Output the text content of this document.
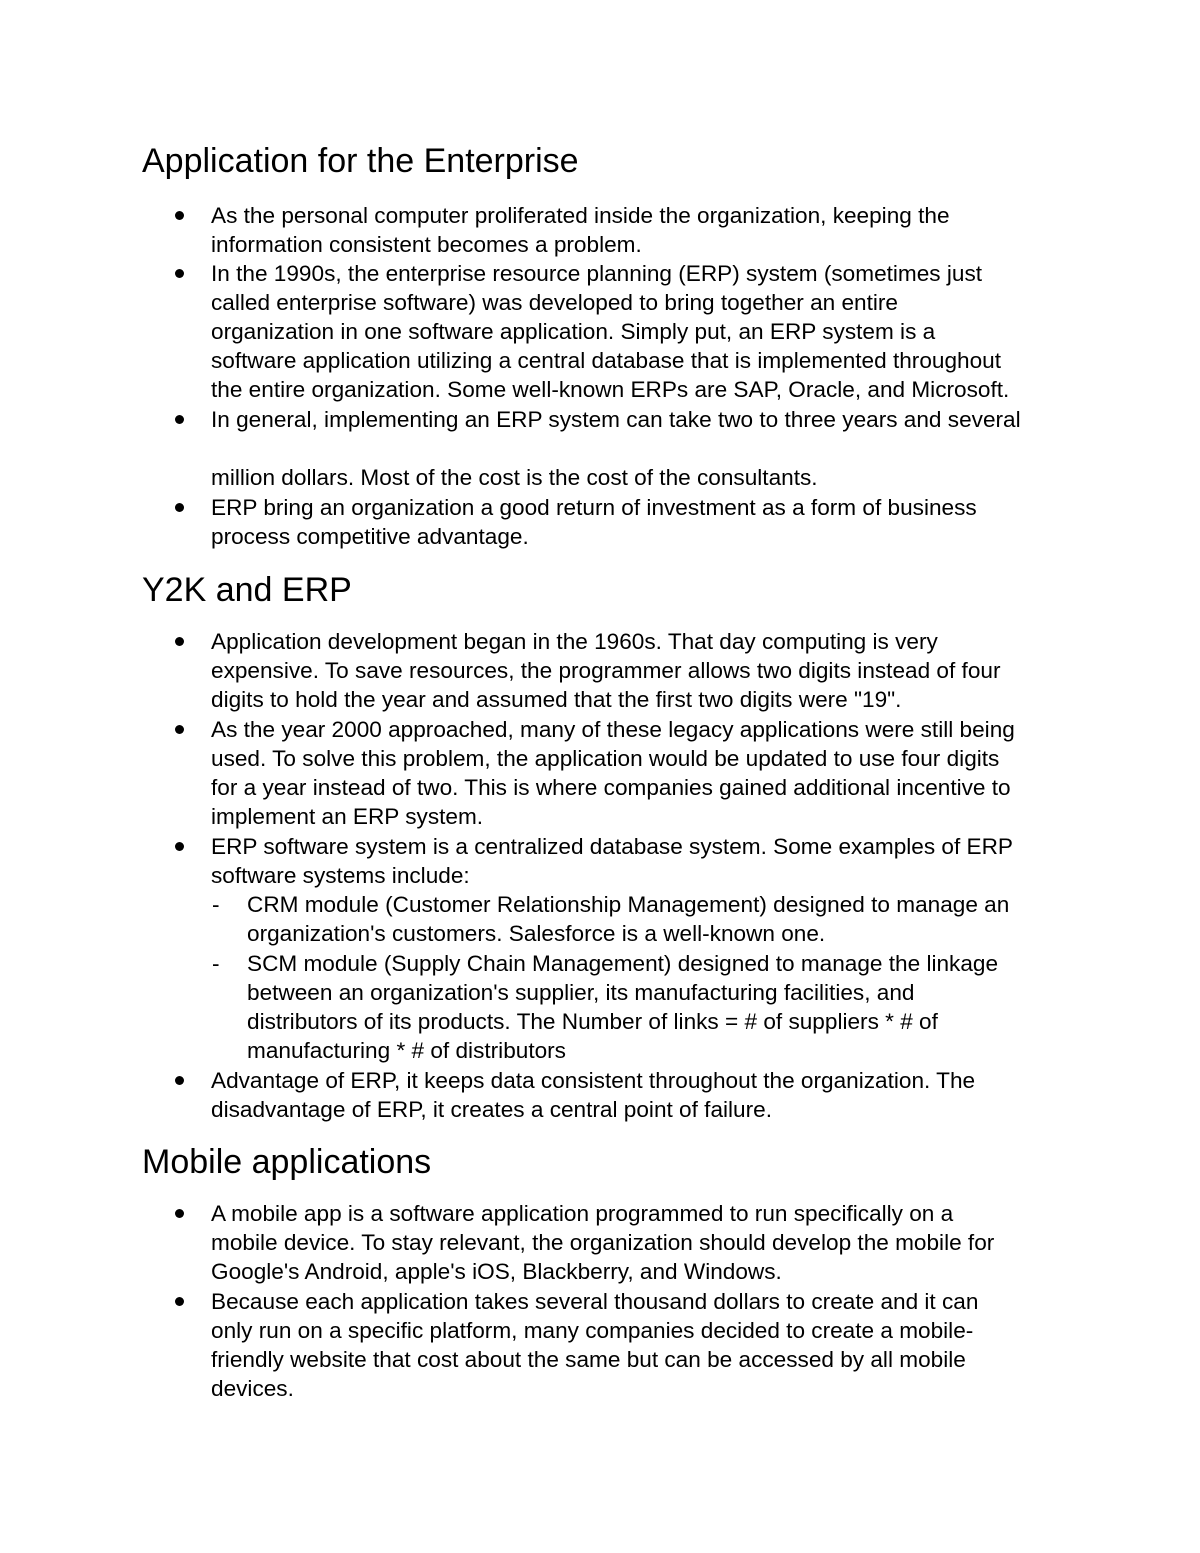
Application for the Enterprise
As the personal computer proliferated inside the organization, keeping the
information consistent becomes a problem.
In the 1990s, the enterprise resource planning (ERP) system (sometimes just
called enterprise software) was developed to bring together an entire
organization in one software application. Simply put, an ERP system is a
software application utilizing a central database that is implemented throughout
the entire organization. Some well-known ERPs are SAP, Oracle, and Microsoft.
In general, implementing an ERP system can take two to three years and several
million dollars. Most of the cost is the cost of the consultants.
ERP bring an organization a good return of investment as a form of business
process competitive advantage.
Y2K and ERP
Application development began in the 1960s. That day computing is very
expensive. To save resources, the programmer allows two digits instead of four
digits to hold the year and assumed that the first two digits were "19".
As the year 2000 approached, many of these legacy applications were still being
used. To solve this problem, the application would be updated to use four digits
for a year instead of two. This is where companies gained additional incentive to
implement an ERP system.
ERP software system is a centralized database system. Some examples of ERP
software systems include:
- CRM module (Customer Relationship Management) designed to manage an
organization's customers. Salesforce is a well-known one.
- SCM module (Supply Chain Management) designed to manage the linkage
between an organization's supplier, its manufacturing facilities, and
distributors of its products. The Number of links = # of suppliers * # of
manufacturing * # of distributors
Advantage of ERP, it keeps data consistent throughout the organization. The
disadvantage of ERP, it creates a central point of failure.
Mobile applications
A mobile app is a software application programmed to run specifically on a
mobile device. To stay relevant, the organization should develop the mobile for
Google's Android, apple's iOS, Blackberry, and Windows.
Because each application takes several thousand dollars to create and it can
only run on a specific platform, many companies decided to create a mobile-
friendly website that cost about the same but can be accessed by all mobile
devices.
